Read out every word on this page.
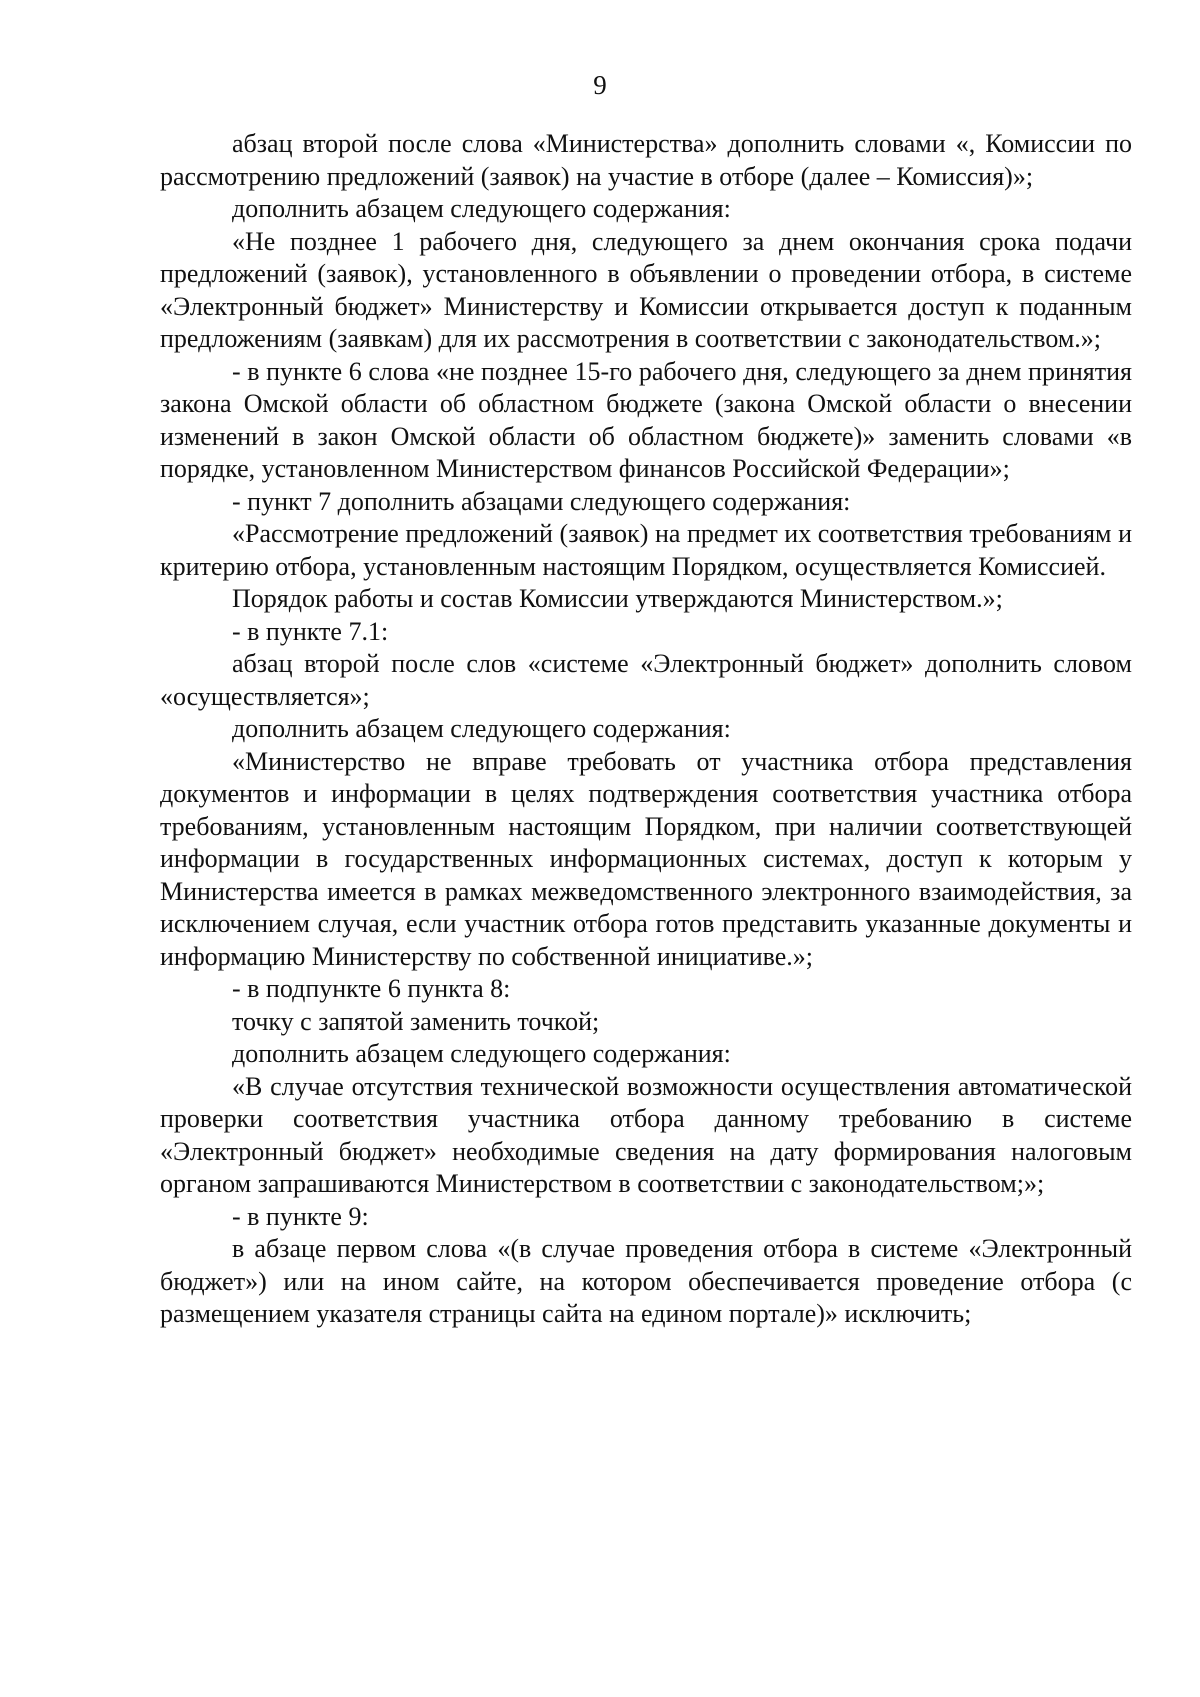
9

абзац второй после слова «Министерства» дополнить словами «, Комиссии по рассмотрению предложений (заявок) на участие в отборе (далее – Комиссия)»;

дополнить абзацем следующего содержания:

«Не позднее 1 рабочего дня, следующего за днем окончания срока подачи предложений (заявок), установленного в объявлении о проведении отбора, в системе «Электронный бюджет» Министерству и Комиссии открывается доступ к поданным предложениям (заявкам) для их рассмотрения в соответствии с законодательством.»;

- в пункте 6 слова «не позднее 15-го рабочего дня, следующего за днем принятия закона Омской области об областном бюджете (закона Омской области о внесении изменений в закон Омской области об областном бюджете)» заменить словами «в порядке, установленном Министерством финансов Российской Федерации»;

- пункт 7 дополнить абзацами следующего содержания:

«Рассмотрение предложений (заявок) на предмет их соответствия требованиям и критерию отбора, установленным настоящим Порядком, осуществляется Комиссией.

Порядок работы и состав Комиссии утверждаются Министерством.»;

- в пункте 7.1:

абзац второй после слов «системе «Электронный бюджет» дополнить словом «осуществляется»;

дополнить абзацем следующего содержания:

«Министерство не вправе требовать от участника отбора представления документов и информации в целях подтверждения соответствия участника отбора требованиям, установленным настоящим Порядком, при наличии соответствующей информации в государственных информационных системах, доступ к которым у Министерства имеется в рамках межведомственного электронного взаимодействия, за исключением случая, если участник отбора готов представить указанные документы и информацию Министерству по собственной инициативе.»;

- в подпункте 6 пункта 8:

точку с запятой заменить точкой;

дополнить абзацем следующего содержания:

«В случае отсутствия технической возможности осуществления автоматической проверки соответствия участника отбора данному требованию в системе «Электронный бюджет» необходимые сведения на дату формирования налоговым органом запрашиваются Министерством в соответствии с законодательством;»;

- в пункте 9:

в абзаце первом слова «(в случае проведения отбора в системе «Электронный бюджет») или на ином сайте, на котором обеспечивается проведение отбора (с размещением указателя страницы сайта на едином портале)» исключить;
